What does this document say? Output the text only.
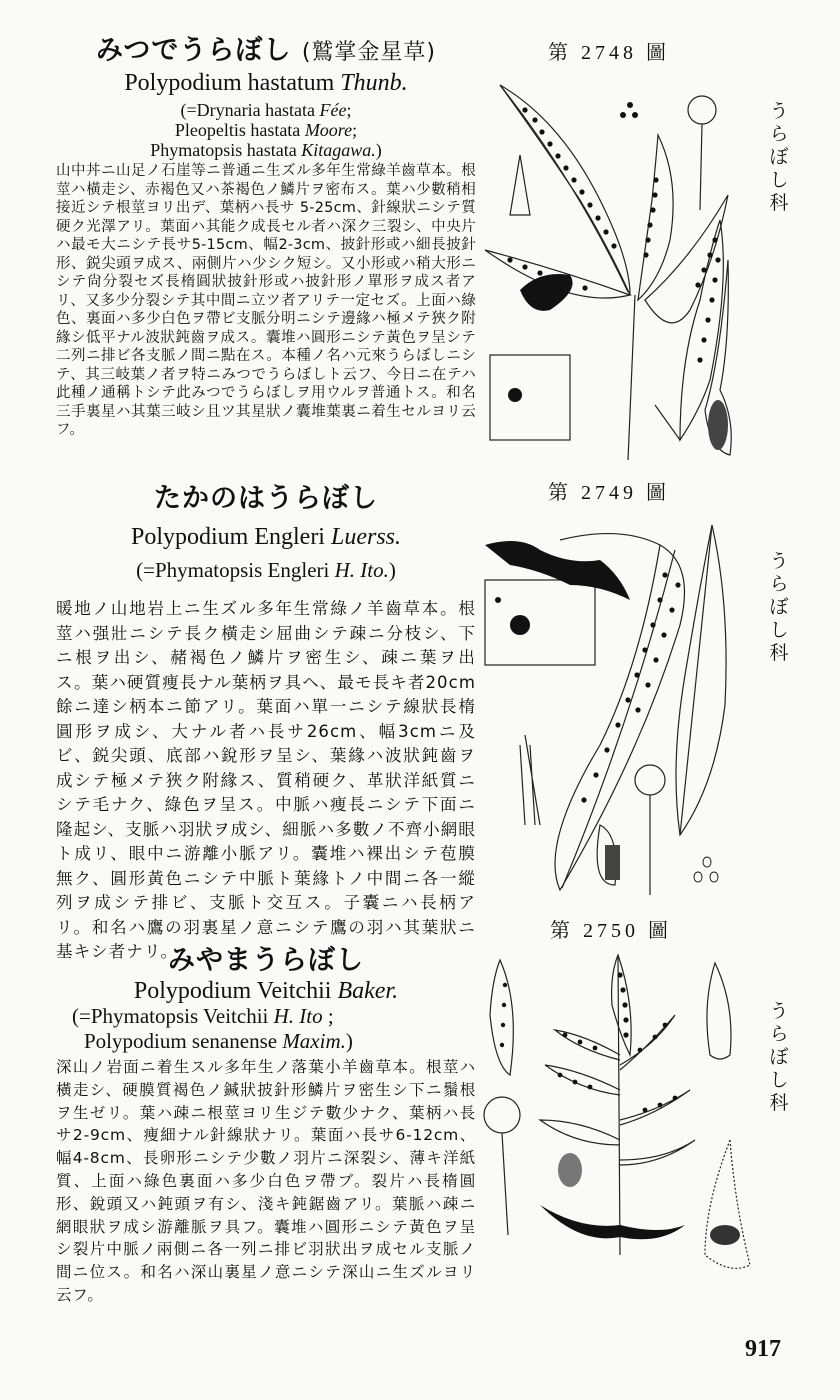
みつでうらぼし (鷲掌金星草)
Polypodium hastatum Thunb.
(=Drynaria hastata Fée;
Pleopeltis hastata Moore;
Phymatopsis hastata Kitagawa.)
山中丼ニ山足ノ石崖等ニ普通ニ生ズル多年生常綠羊齒草本。根莖ハ橫走シ、赤褐色又ハ茶褐色ノ鱗片ヲ密布ス。葉ハ少數稍相接近シテ根莖ヨリ出デ、葉柄ハ長サ 5-25cm、針線狀ニシテ質硬ク光澤アリ。葉面ハ其能ク成長セル者ハ深ク三裂シ、中央片ハ最モ大ニシテ長サ5-15cm、幅2-3cm、披針形或ハ細長披針形、鋭尖頭ヲ成ス、兩側片ハ少シク短シ。又小形或ハ稍大形ニシテ尙分裂セズ長楕圓狀披針形或ハ披針形ノ單形ヲ成ス者アリ、又多少分裂シテ其中間ニ立ツ者アリテ一定セズ。上面ハ綠色、裏面ハ多少白色ヲ帶ビ支脈分明ニシテ邊緣ハ極メテ狹ク附緣シ低平ナル波狀鈍齒ヲ成ス。囊堆ハ圓形ニシテ黃色ヲ呈シテ二列ニ排ビ各支脈ノ間ニ點在ス。本種ノ名ハ元來うらぼしニシテ、其三岐葉ノ者ヲ特ニみつでうらぼしト云フ、今日ニ在テハ此種ノ通稱トシテ此みつでうらぼしヲ用ウルヲ普通トス。和名三手裏星ハ其葉三岐シ且ツ其星狀ノ囊堆葉裏ニ着生セルヨリ云フ。
たかのはうらぼし
Polypodium Engleri Luerss.
(=Phymatopsis Engleri H. Ito.)
暖地ノ山地岩上ニ生ズル多年生常綠ノ羊齒草本。根莖ハ强壯ニシテ長ク橫走シ屈曲シテ疎ニ分枝シ、下ニ根ヲ出シ、赭褐色ノ鱗片ヲ密生シ、疎ニ葉ヲ出ス。葉ハ硬質痩長ナル葉柄ヲ具ヘ、最モ長キ者20cm餘ニ達シ柄本ニ節アリ。葉面ハ單一ニシテ線狀長楕圓形ヲ成シ、大ナル者ハ長サ26cm、幅3cmニ及ビ、鋭尖頭、底部ハ銳形ヲ呈シ、葉緣ハ波狀鈍齒ヲ成シテ極メテ狹ク附緣ス、質稍硬ク、革狀洋紙質ニシテ毛ナク、綠色ヲ呈ス。中脈ハ痩長ニシテ下面ニ隆起シ、支脈ハ羽狀ヲ成シ、細脈ハ多數ノ不齊小網眼ト成リ、眼中ニ游離小脈アリ。囊堆ハ裸出シテ苞膜無ク、圓形黃色ニシテ中脈ト葉緣トノ中間ニ各一縱列ヲ成シテ排ビ、支脈ト交互ス。子囊ニハ長柄アリ。和名ハ鷹の羽裏星ノ意ニシテ鷹の羽ハ其葉狀ニ基キシ者ナリ。
みやまうらぼし
Polypodium Veitchii Baker.
(=Phymatopsis Veitchii H. Ito ;
Polypodium senanense Maxim.)
深山ノ岩面ニ着生スル多年生ノ落葉小羊齒草本。根莖ハ橫走シ、硬膜質褐色ノ鍼狀披針形鱗片ヲ密生シ下ニ鬚根ヲ生ゼリ。葉ハ疎ニ根莖ヨリ生ジテ數少ナク、葉柄ハ長サ2-9cm、痩細ナル針線狀ナリ。葉面ハ長サ6-12cm、幅4-8cm、長卵形ニシテ少數ノ羽片ニ深裂シ、薄キ洋紙質、上面ハ綠色裏面ハ多少白色ヲ帶ブ。裂片ハ長楕圓形、銳頭又ハ鈍頭ヲ有シ、淺キ鈍鋸齒アリ。葉脈ハ疎ニ網眼狀ヲ成シ游離脈ヲ具フ。囊堆ハ圓形ニシテ黃色ヲ呈シ裂片中脈ノ兩側ニ各一列ニ排ビ羽狀出ヲ成セル支脈ノ間ニ位ス。和名ハ深山裏星ノ意ニシテ深山ニ生ズルヨリ云フ。
第 2748 圖
第 2749 圖
第 2750 圖
うらぼし科
うらぼし科
うらぼし科
917
